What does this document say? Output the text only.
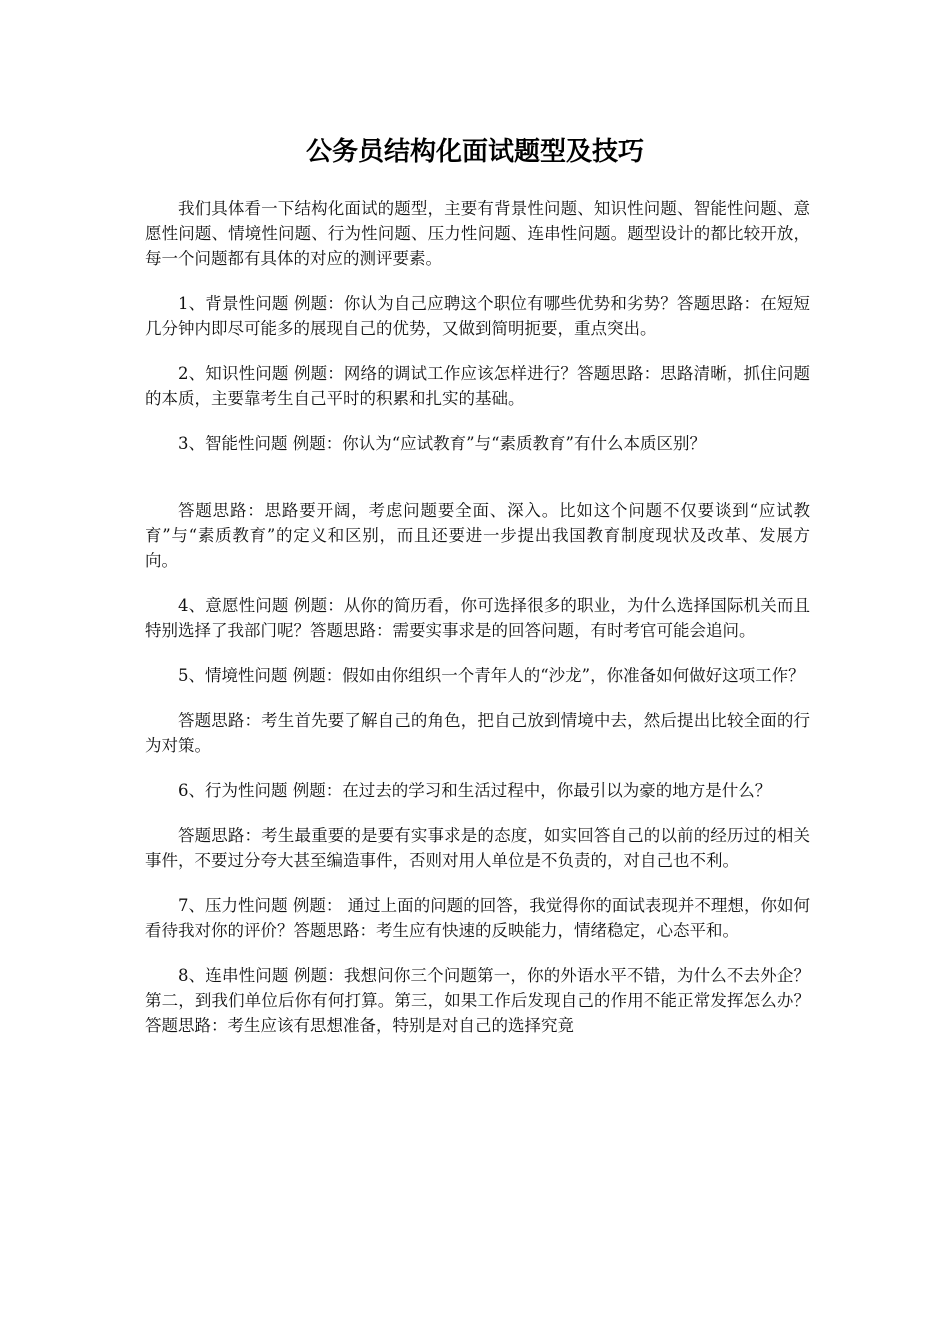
公务员结构化面试题型及技巧

我们具体看一下结构化面试的题型，主要有背景性问题、知识性问题、智能性问题、意愿性问题、情境性问题、行为性问题、压力性问题、连串性问题。题型设计的都比较开放，每一个问题都有具体的对应的测评要素。

1、背景性问题 例题：你认为自己应聘这个职位有哪些优势和劣势？答题思路：在短短几分钟内即尽可能多的展现自己的优势，又做到简明扼要，重点突出。

2、知识性问题 例题：网络的调试工作应该怎样进行？答题思路：思路清晰，抓住问题的本质，主要靠考生自己平时的积累和扎实的基础。

3、智能性问题 例题：你认为“应试教育”与“素质教育”有什么本质区别？

答题思路：思路要开阔，考虑问题要全面、深入。比如这个问题不仅要谈到“应试教育”与“素质教育”的定义和区别，而且还要进一步提出我国教育制度现状及改革、发展方向。

4、意愿性问题 例题：从你的简历看，你可选择很多的职业，为什么选择国际机关而且特别选择了我部门呢？答题思路：需要实事求是的回答问题，有时考官可能会追问。

5、情境性问题 例题：假如由你组织一个青年人的“沙龙”，你准备如何做好这项工作？

答题思路：考生首先要了解自己的角色，把自己放到情境中去，然后提出比较全面的行为对策。

6、行为性问题 例题：在过去的学习和生活过程中，你最引以为豪的地方是什么？

答题思路：考生最重要的是要有实事求是的态度，如实回答自己的以前的经历过的相关事件，不要过分夸大甚至编造事件，否则对用人单位是不负责的，对自己也不利。

7、压力性问题 例题： 通过上面的问题的回答，我觉得你的面试表现并不理想，你如何看待我对你的评价？答题思路：考生应有快速的反映能力，情绪稳定，心态平和。

8、连串性问题 例题：我想问你三个问题第一，你的外语水平不错，为什么不去外企？第二，到我们单位后你有何打算。第三，如果工作后发现自己的作用不能正常发挥怎么办？答题思路：考生应该有思想准备，特别是对自己的选择究竟
